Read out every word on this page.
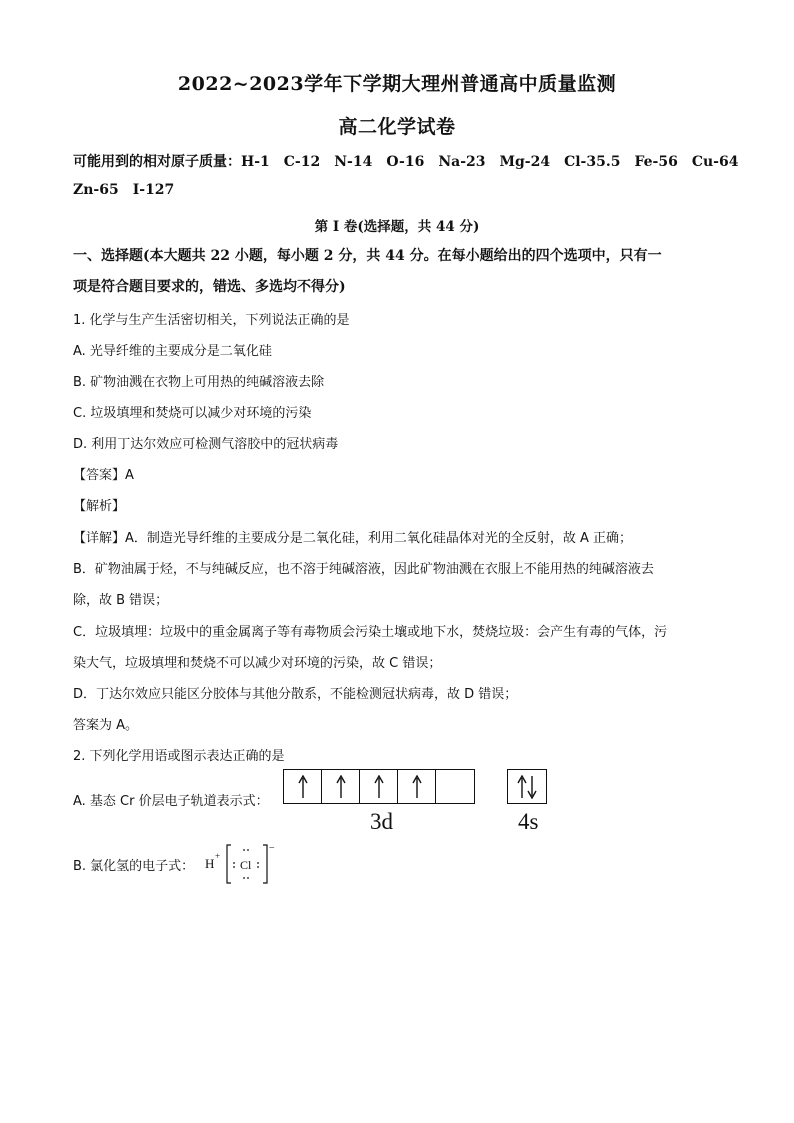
2022~2023学年下学期大理州普通高中质量监测
高二化学试卷
可能用到的相对原子质量：H-1 C-12 N-14 O-16 Na-23 Mg-24 Cl-35.5 Fe-56 Cu-64
Zn-65 I-127
第 I 卷(选择题，共 44 分)
一、选择题(本大题共 22 小题，每小题 2 分，共 44 分。在每小题给出的四个选项中，只有一
项是符合题目要求的，错选、多选均不得分)
1. 化学与生产生活密切相关，下列说法正确的是
A. 光导纤维的主要成分是二氧化硅
B. 矿物油溅在衣物上可用热的纯碱溶液去除
C. 垃圾填埋和焚烧可以减少对环境的污染
D. 利用丁达尔效应可检测气溶胶中的冠状病毒
【答案】A
【解析】
【详解】A．制造光导纤维的主要成分是二氧化硅，利用二氧化硅晶体对光的全反射，故 A 正确；
B．矿物油属于烃，不与纯碱反应，也不溶于纯碱溶液，因此矿物油溅在衣服上不能用热的纯碱溶液去
除，故 B 错误；
C．垃圾填埋：垃圾中的重金属离子等有毒物质会污染土壤或地下水，焚烧垃圾：会产生有毒的气体，污
染大气，垃圾填埋和焚烧不可以减少对环境的污染，故 C 错误；
D．丁达尔效应只能区分胶体与其他分散系，不能检测冠状病毒，故 D 错误；
答案为 A。
2. 下列化学用语或图示表达正确的是
A. 基态 Cr 价层电子轨道表示式：
3d	4s
B. 氯化氢的电子式： H +
Cl
−
